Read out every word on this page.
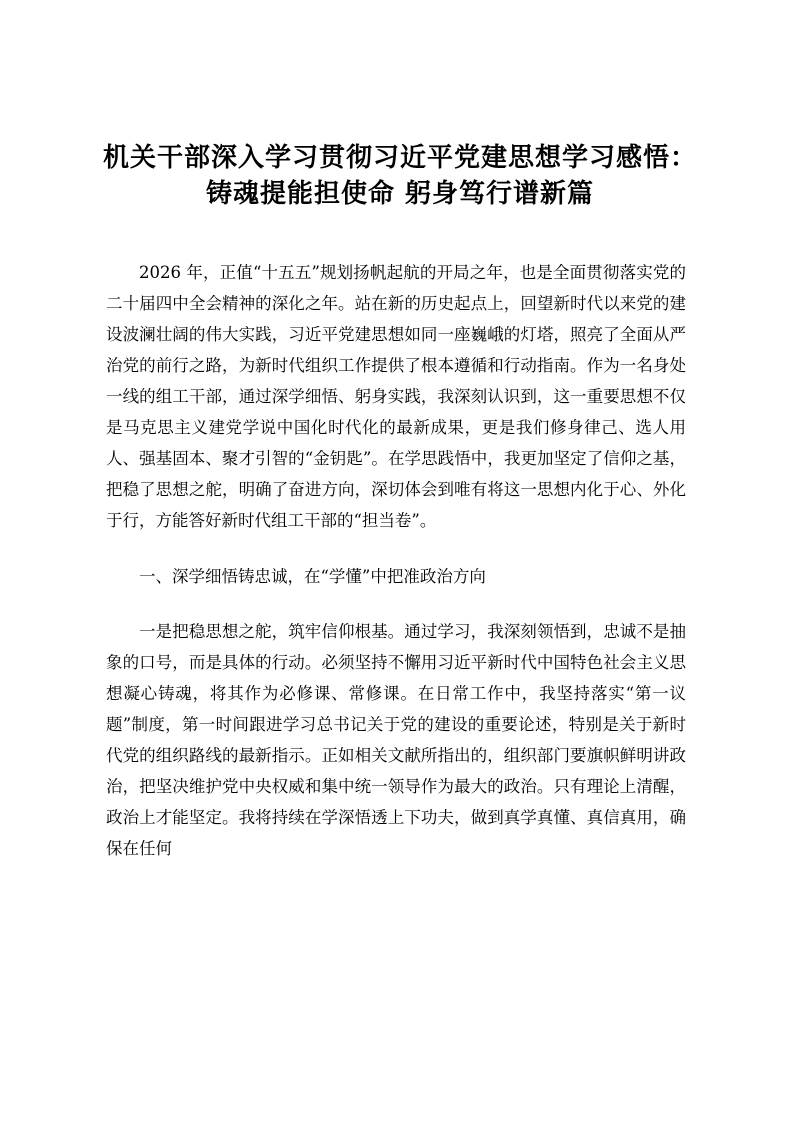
机关干部深入学习贯彻习近平党建思想学习感悟：铸魂提能担使命 躬身笃行谱新篇

2026 年，正值“十五五”规划扬帆起航的开局之年，也是全面贯彻落实党的二十届四中全会精神的深化之年。站在新的历史起点上，回望新时代以来党的建设波澜壮阔的伟大实践，习近平党建思想如同一座巍峨的灯塔，照亮了全面从严治党的前行之路，为新时代组织工作提供了根本遵循和行动指南。作为一名身处一线的组工干部，通过深学细悟、躬身实践，我深刻认识到，这一重要思想不仅是马克思主义建党学说中国化时代化的最新成果，更是我们修身律己、选人用人、强基固本、聚才引智的“金钥匙”。在学思践悟中，我更加坚定了信仰之基，把稳了思想之舵，明确了奋进方向，深切体会到唯有将这一思想内化于心、外化于行，方能答好新时代组工干部的“担当卷”。

一、深学细悟铸忠诚，在“学懂”中把准政治方向

一是把稳思想之舵，筑牢信仰根基。通过学习，我深刻领悟到，忠诚不是抽象的口号，而是具体的行动。必须坚持不懈用习近平新时代中国特色社会主义思想凝心铸魂，将其作为必修课、常修课。在日常工作中，我坚持落实“第一议题”制度，第一时间跟进学习总书记关于党的建设的重要论述，特别是关于新时代党的组织路线的最新指示。正如相关文献所指出的，组织部门要旗帜鲜明讲政治，把坚决维护党中央权威和集中统一领导作为最大的政治。只有理论上清醒，政治上才能坚定。我将持续在学深悟透上下功夫，做到真学真懂、真信真用，确保在任何
